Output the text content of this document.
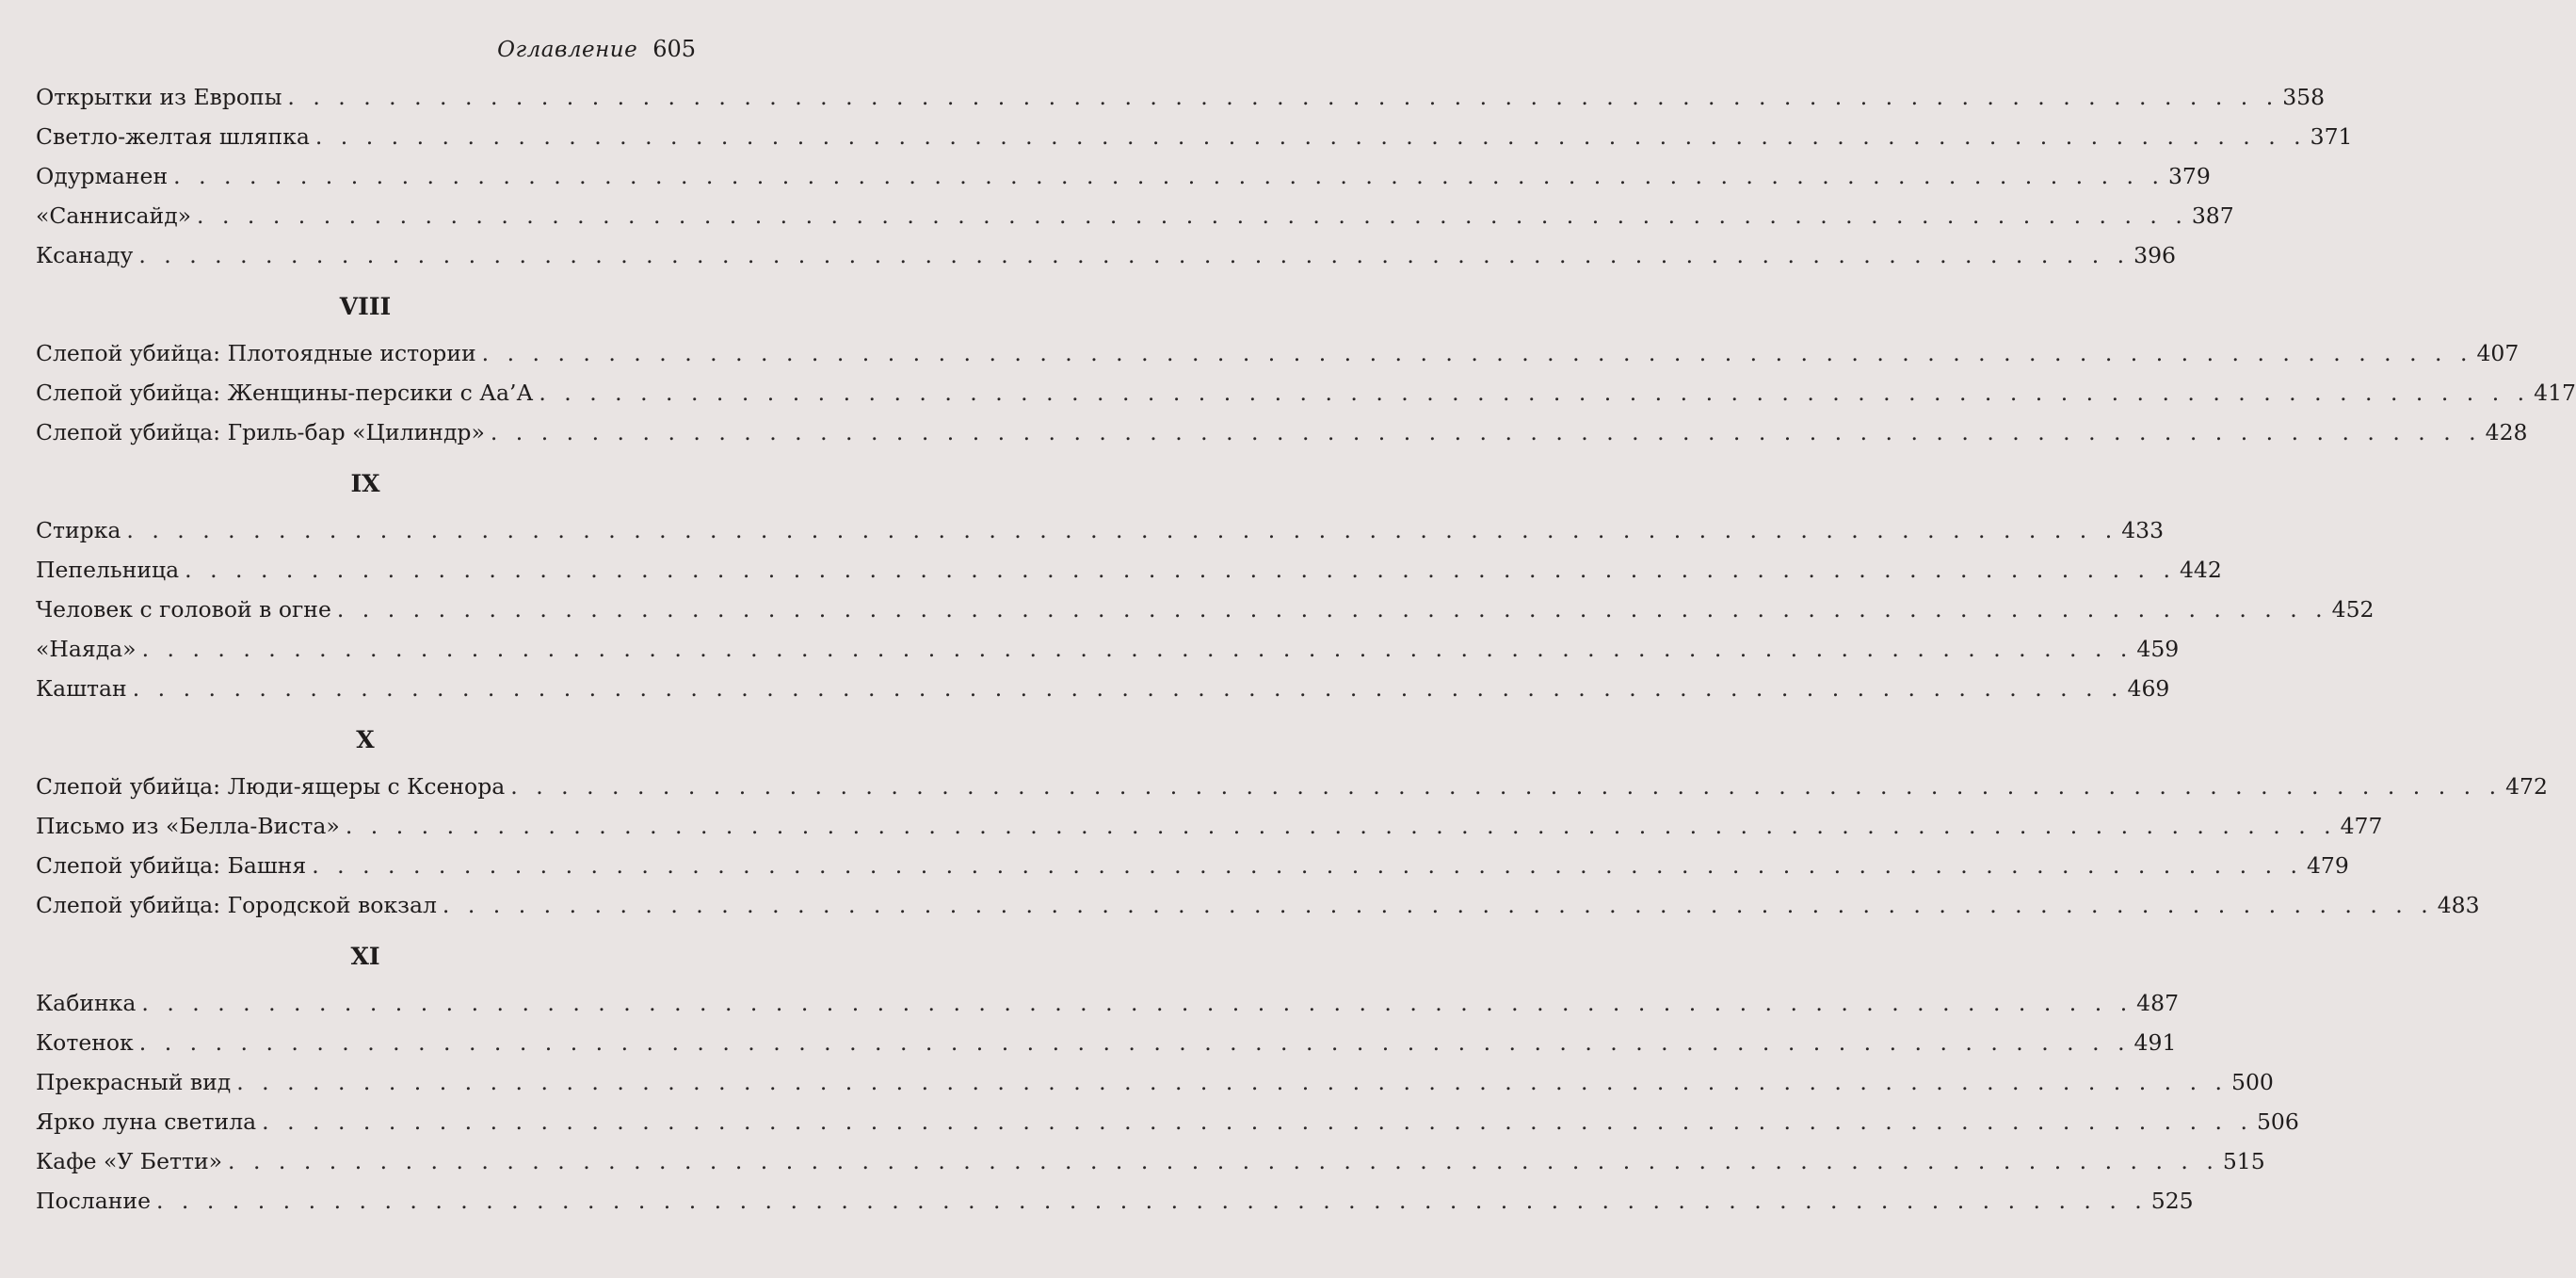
Оглавление 605
Открытки из Европы . . . . . . . . . . . . . . . . . . . . . . . . . . . . . . . . . . . . . . . . . . . . . . . . . . . . . . . . . . . . . . . . . . . . . . . . . . . . . . . 358
Светло-желтая шляпка . . . . . . . . . . . . . . . . . . . . . . . . . . . . . . . . . . . . . . . . . . . . . . . . . . . . . . . . . . . . . . . . . . . . . . . . . . . . . . . 371
Одурманен . . . . . . . . . . . . . . . . . . . . . . . . . . . . . . . . . . . . . . . . . . . . . . . . . . . . . . . . . . . . . . . . . . . . . . . . . . . . . . . 379
«Саннисайд» . . . . . . . . . . . . . . . . . . . . . . . . . . . . . . . . . . . . . . . . . . . . . . . . . . . . . . . . . . . . . . . . . . . . . . . . . . . . . . . 387
Ксанаду . . . . . . . . . . . . . . . . . . . . . . . . . . . . . . . . . . . . . . . . . . . . . . . . . . . . . . . . . . . . . . . . . . . . . . . . . . . . . . . 396
VIII
Слепой убийца: Плотоядные истории . . . . . . . . . . . . . . . . . . . . . . . . . . . . . . . . . . . . . . . . . . . . . . . . . . . . . . . . . . . . . . . . . . . . . . . . . . . . . . . 407
Слепой убийца: Женщины-персики с Аа’А . . . . . . . . . . . . . . . . . . . . . . . . . . . . . . . . . . . . . . . . . . . . . . . . . . . . . . . . . . . . . . . . . . . . . . . . . . . . . . . 417
Слепой убийца: Гриль-бар «Цилиндр» . . . . . . . . . . . . . . . . . . . . . . . . . . . . . . . . . . . . . . . . . . . . . . . . . . . . . . . . . . . . . . . . . . . . . . . . . . . . . . . 428
IX
Стирка . . . . . . . . . . . . . . . . . . . . . . . . . . . . . . . . . . . . . . . . . . . . . . . . . . . . . . . . . . . . . . . . . . . . . . . . . . . . . . . 433
Пепельница . . . . . . . . . . . . . . . . . . . . . . . . . . . . . . . . . . . . . . . . . . . . . . . . . . . . . . . . . . . . . . . . . . . . . . . . . . . . . . . 442
Человек с головой в огне . . . . . . . . . . . . . . . . . . . . . . . . . . . . . . . . . . . . . . . . . . . . . . . . . . . . . . . . . . . . . . . . . . . . . . . . . . . . . . . 452
«Наяда» . . . . . . . . . . . . . . . . . . . . . . . . . . . . . . . . . . . . . . . . . . . . . . . . . . . . . . . . . . . . . . . . . . . . . . . . . . . . . . . 459
Каштан . . . . . . . . . . . . . . . . . . . . . . . . . . . . . . . . . . . . . . . . . . . . . . . . . . . . . . . . . . . . . . . . . . . . . . . . . . . . . . . 469
X
Слепой убийца: Люди-ящеры с Ксенора . . . . . . . . . . . . . . . . . . . . . . . . . . . . . . . . . . . . . . . . . . . . . . . . . . . . . . . . . . . . . . . . . . . . . . . . . . . . . . . 472
Письмо из «Белла-Виста» . . . . . . . . . . . . . . . . . . . . . . . . . . . . . . . . . . . . . . . . . . . . . . . . . . . . . . . . . . . . . . . . . . . . . . . . . . . . . . . 477
Слепой убийца: Башня . . . . . . . . . . . . . . . . . . . . . . . . . . . . . . . . . . . . . . . . . . . . . . . . . . . . . . . . . . . . . . . . . . . . . . . . . . . . . . . 479
Слепой убийца: Городской вокзал . . . . . . . . . . . . . . . . . . . . . . . . . . . . . . . . . . . . . . . . . . . . . . . . . . . . . . . . . . . . . . . . . . . . . . . . . . . . . . . 483
XI
Кабинка . . . . . . . . . . . . . . . . . . . . . . . . . . . . . . . . . . . . . . . . . . . . . . . . . . . . . . . . . . . . . . . . . . . . . . . . . . . . . . . 487
Котенок . . . . . . . . . . . . . . . . . . . . . . . . . . . . . . . . . . . . . . . . . . . . . . . . . . . . . . . . . . . . . . . . . . . . . . . . . . . . . . . 491
Прекрасный вид . . . . . . . . . . . . . . . . . . . . . . . . . . . . . . . . . . . . . . . . . . . . . . . . . . . . . . . . . . . . . . . . . . . . . . . . . . . . . . . 500
Ярко луна светила . . . . . . . . . . . . . . . . . . . . . . . . . . . . . . . . . . . . . . . . . . . . . . . . . . . . . . . . . . . . . . . . . . . . . . . . . . . . . . . 506
Кафе «У Бетти» . . . . . . . . . . . . . . . . . . . . . . . . . . . . . . . . . . . . . . . . . . . . . . . . . . . . . . . . . . . . . . . . . . . . . . . . . . . . . . . 515
Послание . . . . . . . . . . . . . . . . . . . . . . . . . . . . . . . . . . . . . . . . . . . . . . . . . . . . . . . . . . . . . . . . . . . . . . . . . . . . . . . 525
